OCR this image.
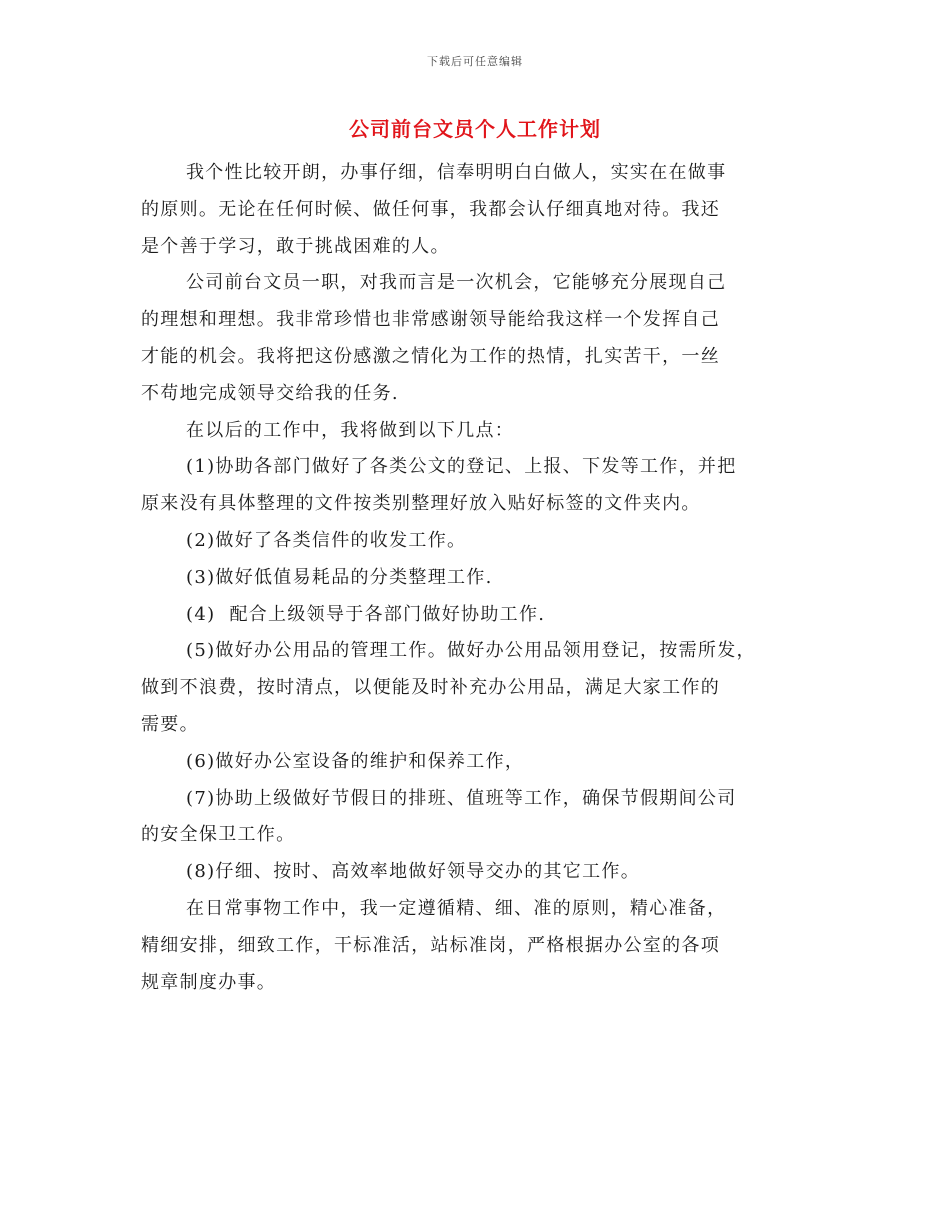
下载后可任意编辑
公司前台文员个人工作计划

我个性比较开朗，办事仔细，信奉明明白白做人，实实在在做事
的原则。无论在任何时候、做任何事，我都会认仔细真地对待。我还
是个善于学习，敢于挑战困难的人。

公司前台文员一职，对我而言是一次机会，它能够充分展现自己
的理想和理想。我非常珍惜也非常感谢领导能给我这样一个发挥自己
才能的机会。我将把这份感激之情化为工作的热情，扎实苦干，一丝
不苟地完成领导交给我的任务.

在以后的工作中，我将做到以下几点：

(1)协助各部门做好了各类公文的登记、上报、下发等工作，并把
原来没有具体整理的文件按类别整理好放入贴好标签的文件夹内。

(2)做好了各类信件的收发工作。

(3)做好低值易耗品的分类整理工作.

(4)  配合上级领导于各部门做好协助工作.

(5)做好办公用品的管理工作。做好办公用品领用登记，按需所发，
做到不浪费，按时清点，以便能及时补充办公用品，满足大家工作的
需要。

(6)做好办公室设备的维护和保养工作，

(7)协助上级做好节假日的排班、值班等工作，确保节假期间公司
的安全保卫工作。

(8)仔细、按时、高效率地做好领导交办的其它工作。

在日常事物工作中，我一定遵循精、细、准的原则，精心准备，
精细安排，细致工作，干标准活，站标准岗，严格根据办公室的各项
规章制度办事。
